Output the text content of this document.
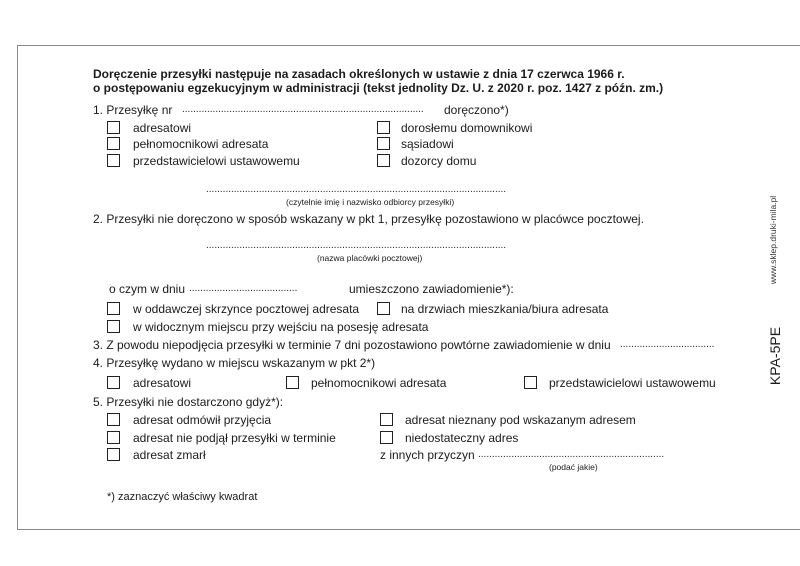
Doręczenie przesyłki następuje na zasadach określonych w ustawie z dnia 17 czerwca 1966 r.
o postępowaniu egzekucyjnym w administracji (tekst jednolity Dz. U. z 2020 r. poz. 1427 z późn. zm.)
1. Przesyłkę nr ....................................................................................... doręczono*)
adresatowi
pełnomocnikowi adresata
przedstawicielowi ustawowemu
dorosłemu domownikowi
sąsiadowi
dozorcy domu
............................................................................................................
(czytelnie imię i nazwisko odbiorcy przesyłki)
2. Przesyłki nie doręczono w sposób wskazany w pkt 1, przesyłkę pozostawiono w placówce pocztowej.
............................................................................................................
(nazwa placówki pocztowej)
o czym w dniu .......................................	umieszczono zawiadomienie*):
w oddawczej skrzynce pocztowej adresata	na drzwiach mieszkania/biura adresata
w widocznym miejscu przy wejściu na posesję adresata
3. Z powodu niepodjęcia przesyłki w terminie 7 dni pozostawiono powtórne zawiadomienie w dniu ..................................
4. Przesyłkę wydano w miejscu wskazanym w pkt 2*)
adresatowi	pełnomocnikowi adresata	przedstawicielowi ustawowemu
5. Przesyłki nie dostarczono gdyż*):
adresat odmówił przyjęcia
adresat nie podjął przesyłki w terminie
adresat zmarł
adresat nieznany pod wskazanym adresem
niedostateczny adres
z innych przyczyn ...................................................................
(podać jakie)
*) zaznaczyć właściwy kwadrat
KPA-5PE
www.sklep.druki-mila.pl
